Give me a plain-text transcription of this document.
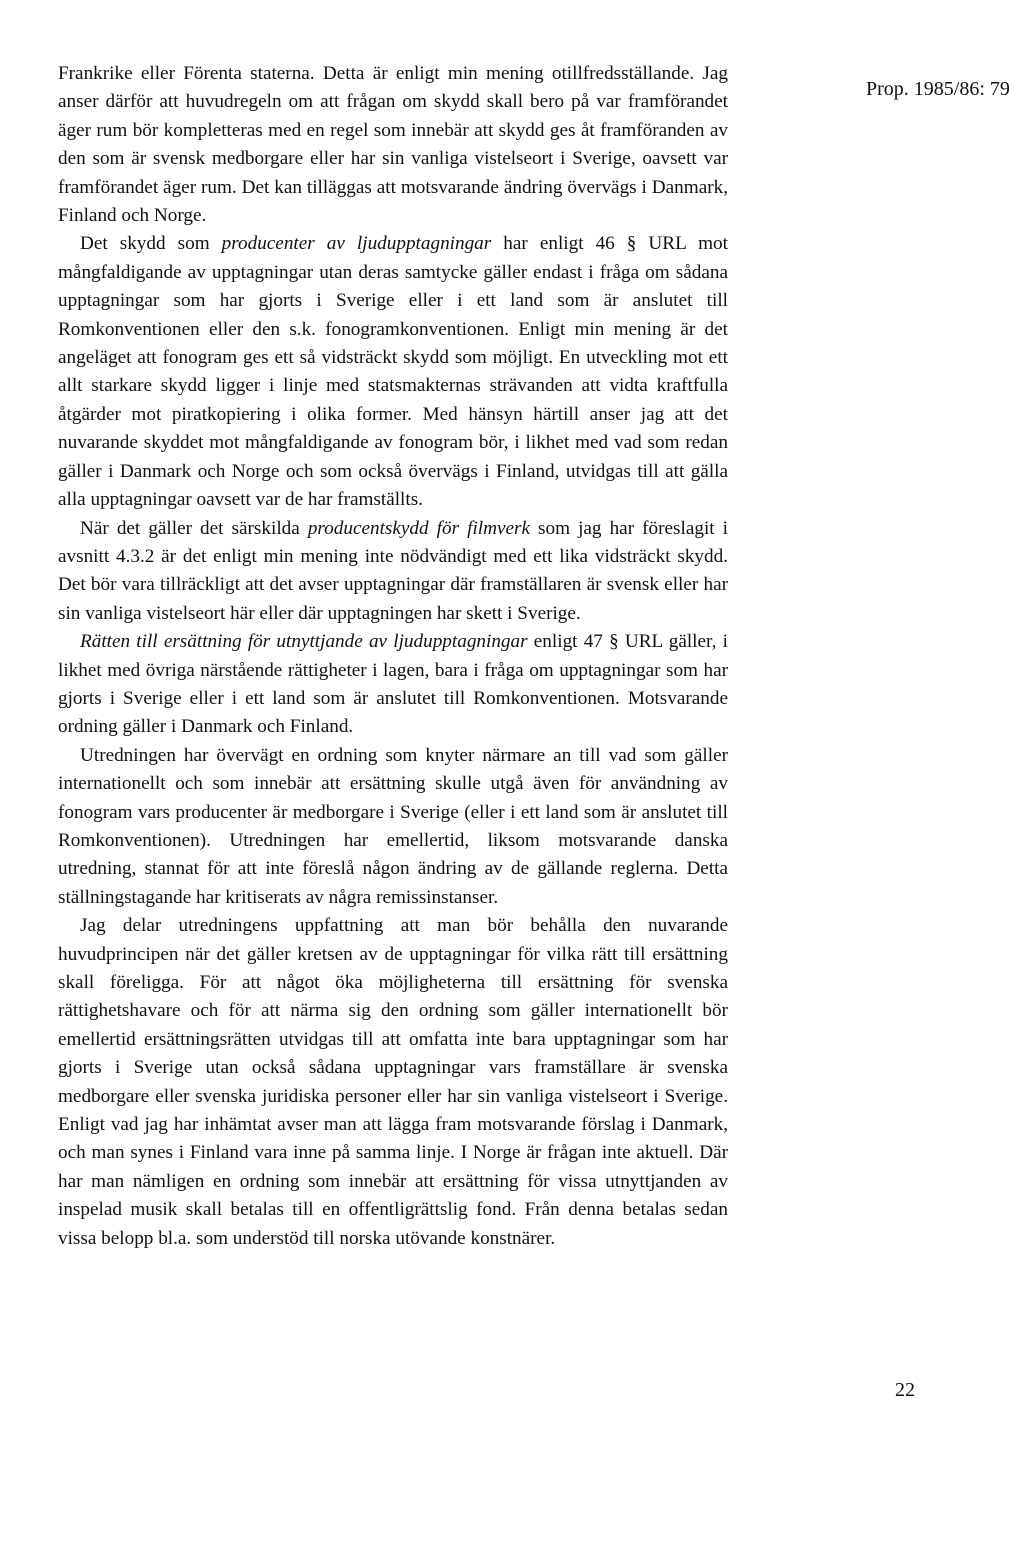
Prop. 1985/86: 79

Frankrike eller Förenta staterna. Detta är enligt min mening otillfredsställande. Jag anser därför att huvudregeln om att frågan om skydd skall bero på var framförandet äger rum bör kompletteras med en regel som innebär att skydd ges åt framföranden av den som är svensk medborgare eller har sin vanliga vistelseort i Sverige, oavsett var framförandet äger rum. Det kan tilläggas att motsvarande ändring övervägs i Danmark, Finland och Norge.

Det skydd som producenter av ljudupptagningar har enligt 46 § URL mot mångfaldigande av upptagningar utan deras samtycke gäller endast i fråga om sådana upptagningar som har gjorts i Sverige eller i ett land som är anslutet till Romkonventionen eller den s.k. fonogramkonventionen. Enligt min mening är det angeläget att fonogram ges ett så vidsträckt skydd som möjligt. En utveckling mot ett allt starkare skydd ligger i linje med statsmakternas strävanden att vidta kraftfulla åtgärder mot piratkopiering i olika former. Med hänsyn härtill anser jag att det nuvarande skyddet mot mångfaldigande av fonogram bör, i likhet med vad som redan gäller i Danmark och Norge och som också övervägs i Finland, utvidgas till att gälla alla upptagningar oavsett var de har framställts.

När det gäller det särskilda producentskydd för filmverk som jag har föreslagit i avsnitt 4.3.2 är det enligt min mening inte nödvändigt med ett lika vidsträckt skydd. Det bör vara tillräckligt att det avser upptagningar där framställaren är svensk eller har sin vanliga vistelseort här eller där upptagningen har skett i Sverige.

Rätten till ersättning för utnyttjande av ljudupptagningar enligt 47 § URL gäller, i likhet med övriga närstående rättigheter i lagen, bara i fråga om upptagningar som har gjorts i Sverige eller i ett land som är anslutet till Romkonventionen. Motsvarande ordning gäller i Danmark och Finland.

Utredningen har övervägt en ordning som knyter närmare an till vad som gäller internationellt och som innebär att ersättning skulle utgå även för användning av fonogram vars producenter är medborgare i Sverige (eller i ett land som är anslutet till Romkonventionen). Utredningen har emellertid, liksom motsvarande danska utredning, stannat för att inte föreslå någon ändring av de gällande reglerna. Detta ställningstagande har kritiserats av några remissinstanser.

Jag delar utredningens uppfattning att man bör behålla den nuvarande huvudprincipen när det gäller kretsen av de upptagningar för vilka rätt till ersättning skall föreligga. För att något öka möjligheterna till ersättning för svenska rättighetshavare och för att närma sig den ordning som gäller internationellt bör emellertid ersättningsrätten utvidgas till att omfatta inte bara upptagningar som har gjorts i Sverige utan också sådana upptagningar vars framställare är svenska medborgare eller svenska juridiska personer eller har sin vanliga vistelseort i Sverige. Enligt vad jag har inhämtat avser man att lägga fram motsvarande förslag i Danmark, och man synes i Finland vara inne på samma linje. I Norge är frågan inte aktuell. Där har man nämligen en ordning som innebär att ersättning för vissa utnyttjanden av inspelad musik skall betalas till en offentligrättslig fond. Från denna betalas sedan vissa belopp bl.a. som understöd till norska utövande konstnärer.

22
